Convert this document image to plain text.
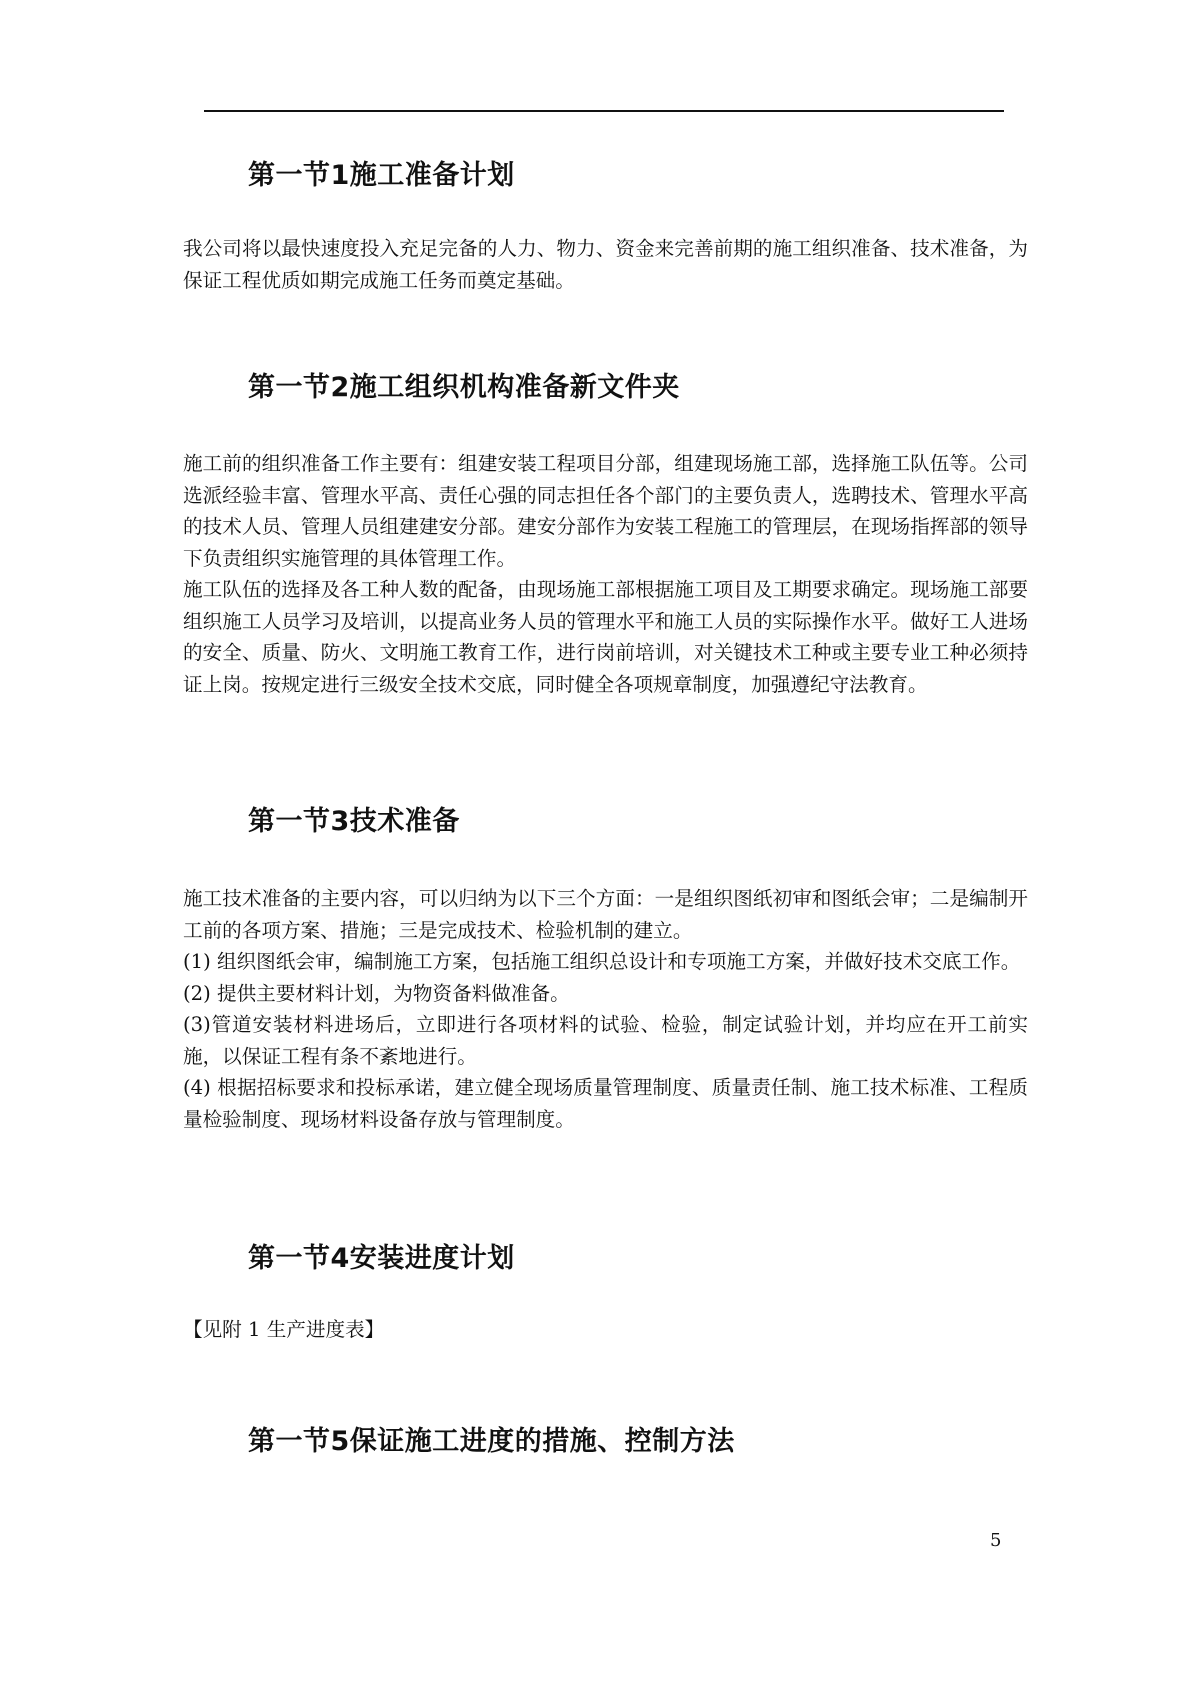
第一节1施工准备计划

我公司将以最快速度投入充足完备的人力、物力、资金来完善前期的施工组织准备、技术准备，为保证工程优质如期完成施工任务而奠定基础。

第一节2施工组织机构准备新文件夹

施工前的组织准备工作主要有：组建安装工程项目分部，组建现场施工部，选择施工队伍等。公司选派经验丰富、管理水平高、责任心强的同志担任各个部门的主要负责人，选聘技术、管理水平高的技术人员、管理人员组建建安分部。建安分部作为安装工程施工的管理层，在现场指挥部的领导下负责组织实施管理的具体管理工作。

施工队伍的选择及各工种人数的配备，由现场施工部根据施工项目及工期要求确定。现场施工部要组织施工人员学习及培训，以提高业务人员的管理水平和施工人员的实际操作水平。做好工人进场的安全、质量、防火、文明施工教育工作，进行岗前培训，对关键技术工种或主要专业工种必须持证上岗。按规定进行三级安全技术交底，同时健全各项规章制度，加强遵纪守法教育。

第一节3技术准备

施工技术准备的主要内容，可以归纳为以下三个方面：一是组织图纸初审和图纸会审；二是编制开工前的各项方案、措施；三是完成技术、检验机制的建立。

(1) 组织图纸会审，编制施工方案，包括施工组织总设计和专项施工方案，并做好技术交底工作。

(2) 提供主要材料计划，为物资备料做准备。

(3)管道安装材料进场后，立即进行各项材料的试验、检验，制定试验计划，并均应在开工前实施，以保证工程有条不紊地进行。

(4) 根据招标要求和投标承诺，建立健全现场质量管理制度、质量责任制、施工技术标准、工程质量检验制度、现场材料设备存放与管理制度。

第一节4安装进度计划

【见附 1 生产进度表】

第一节5保证施工进度的措施、控制方法
5
